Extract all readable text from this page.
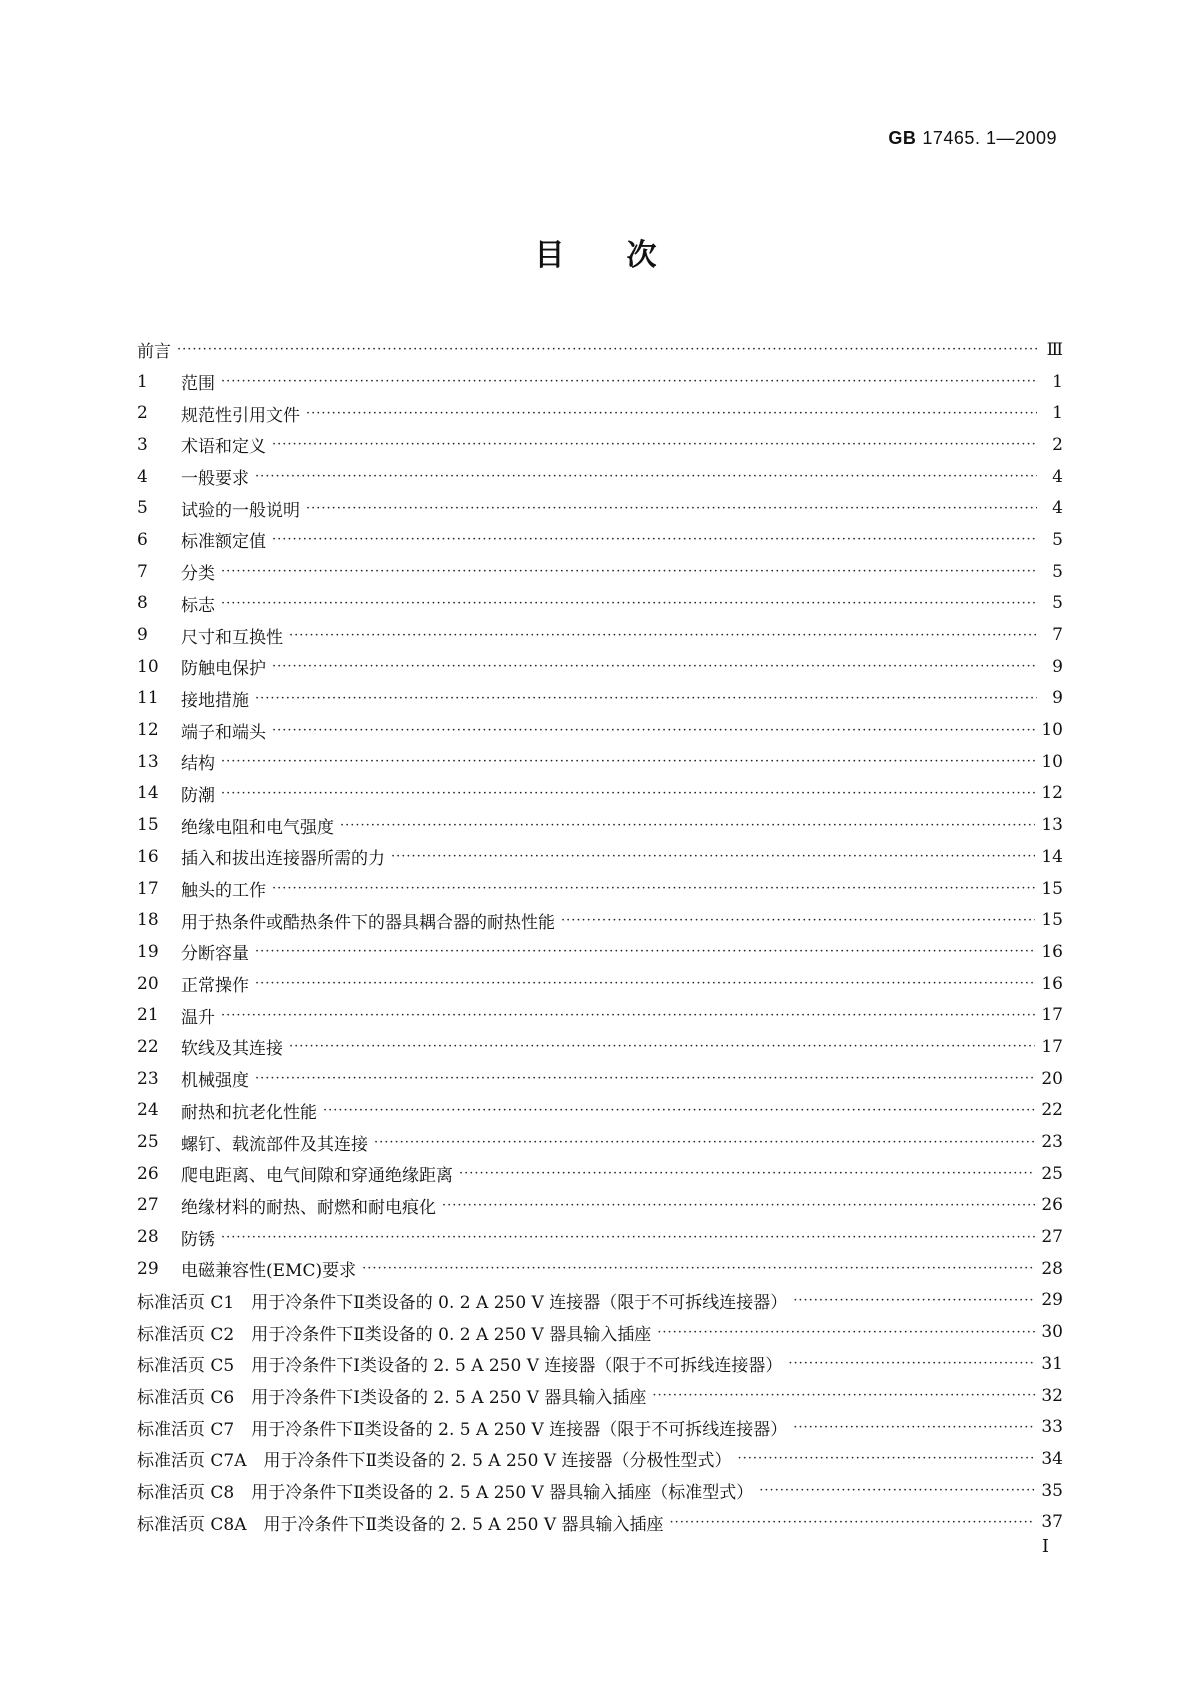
GB 17465. 1—2009
目次
前言 ·····	Ⅲ
1	范围 ·····	1
2	规范性引用文件 ·····	1
3	术语和定义 ·····	2
4	一般要求 ·····	4
5	试验的一般说明 ·····	4
6	标准额定值 ·····	5
7	分类 ·····	5
8	标志 ·····	5
9	尺寸和互换性 ·····	7
10	防触电保护 ·····	9
11	接地措施 ·····	9
12	端子和端头 ·····	10
13	结构 ·····	10
14	防潮 ·····	12
15	绝缘电阻和电气强度 ·····	13
16	插入和拔出连接器所需的力 ·····	14
17	触头的工作 ·····	15
18	用于热条件或酷热条件下的器具耦合器的耐热性能 ·····	15
19	分断容量 ·····	16
20	正常操作 ·····	16
21	温升 ·····	17
22	软线及其连接 ·····	17
23	机械强度 ·····	20
24	耐热和抗老化性能 ·····	22
25	螺钉、载流部件及其连接 ·····	23
26	爬电距离、电气间隙和穿通绝缘距离 ·····	25
27	绝缘材料的耐热、耐燃和耐电痕化 ·····	26
28	防锈 ·····	27
29	电磁兼容性(EMC)要求 ·····	28
标准活页 C1　用于冷条件下Ⅱ类设备的 0. 2 A 250 V 连接器（限于不可拆线连接器） ·····	29
标准活页 C2　用于冷条件下Ⅱ类设备的 0. 2 A 250 V 器具输入插座 ·····	30
标准活页 C5　用于冷条件下Ⅰ类设备的 2. 5 A 250 V 连接器（限于不可拆线连接器） ·····	31
标准活页 C6　用于冷条件下Ⅰ类设备的 2. 5 A 250 V 器具输入插座 ·····	32
标准活页 C7　用于冷条件下Ⅱ类设备的 2. 5 A 250 V 连接器（限于不可拆线连接器） ·····	33
标准活页 C7A　用于冷条件下Ⅱ类设备的 2. 5 A 250 V 连接器（分极性型式） ·····	34
标准活页 C8　用于冷条件下Ⅱ类设备的 2. 5 A 250 V 器具输入插座（标准型式） ·····	35
标准活页 C8A　用于冷条件下Ⅱ类设备的 2. 5 A 250 V 器具输入插座 ·····	37
I
